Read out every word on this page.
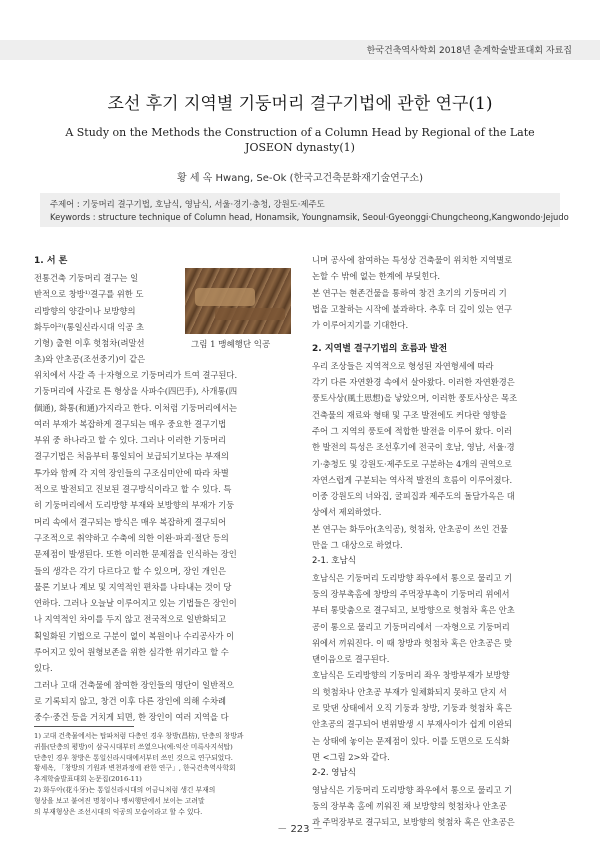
한국건축역사학회 2018년 춘계학술발표대회 자료집
조선 후기 지역별 기둥머리 결구기법에 관한 연구(1)
A Study on the Methods the Construction of a Column Head by Regional of the Late JOSEON dynasty(1)
황 세 옥 Hwang, Se-Ok (한국고건축문화재기술연구소)
주제어 : 기둥머리 결구기법, 호남식, 영남식, 서울·경기·충청, 강원도·제주도
Keywords : structure technique of Column head, Honamsik, Youngnamsik, Seoul·Gyeonggi·Chungcheong,Kangwondo·Jejudo
1. 서 론

전통건축 기둥머리 결구는 일

반적으로 창방¹⁾결구를 위한 도

리방향의 양갈이나 보방향의

화두아²⁾(통일신라시대 익공 초

기형) 출현 이후 헛첨차(려말선

초)와 안초공(조선중기)이 같은

그림 1 맹혜행단 익공

위치에서 사갈 즉 十자형으로 기둥머리가 트여 결구된다.

기둥머리에 사갈로 튼 형상을 사파수(四巴手), 사개통(四

個通), 화통(和通)가지라고 한다. 이처럼 기둥머리에서는

여러 부재가 복잡하게 결구되는 매우 중요한 결구기법

부위 중 하나라고 할 수 있다. 그러나 이러한 기둥머리

결구기법은 처음부터 통일되어 보급되기보다는 부재의

투가와 함께 각 지역 장인들의 구조심미안에 따라 차별

적으로 발전되고 진보된 결구방식이라고 할 수 있다. 특

히 기둥머리에서 도리방향 부재와 보방향의 부재가 기둥

머리 속에서 결구되는 방식은 매우 복잡하게 결구되어

구조적으로 취약하고 수축에 의한 이완·파괴·절단 등의

문제점이 발생된다. 또한 이러한 문제점을 인식하는 장인

들의 생각은 각기 다르다고 할 수 있으며, 장인 개인은

물론 기보나 계보 및 지역적인 편차를 나타내는 것이 당

연하다. 그러나 오늘날 이루어지고 있는 기법들은 장인이

나 지역적인 차이를 두지 않고 전국적으로 일반화되고

획일화된 기법으로 구분이 없이 복원이나 수리공사가 이

루어지고 있어 원형보존을 위한 심각한 위기라고 할 수

있다.

그러나 고대 건축물에 참여한 장인들의 명단이 일반적으

로 기록되지 않고, 창건 이후 다른 장인에 의해 수차례

중수·중건 등을 거치게 되면, 한 장인이 여러 지역을 다

1) 고대 건축물에서는 탑파처럼 다층인 경우 창방(昌枋), 단층의 창방과

귀틀(단층의 평방)이 삼국시대부터 쓰였으나(예:익산 미륵사지석탑)

단층인 경우 창방은 통일신라시대에서부터 쓰인 것으로 연구되었다.

황세옥, 「창방의 기원과 변천과정에 관한 연구」, 한국건축역사학회

추계학술발표대회 논문집(2016-11)

2) 화두아(花斗牙)는 통일신라시대의 어금니처럼 생긴 부재의

형상을 보고 붙여진 명칭이나 맹씨행단에서 보이는 고려말

의 부재형상은 조선시대의 익공의 모습이라고 할 수 있다.

니며 공사에 참여하는 특성상 건축물이 위치한 지역별로

논할 수 밖에 없는 한계에 부딪힌다.

본 연구는 현존건물을 통하여 창건 초기의 기둥머리 기

법을 고찰하는 시작에 불과하다. 추후 더 깊이 있는 연구

가 이루어지기를 기대한다.

2. 지역별 결구기법의 흐름과 발전

우리 조상들은 지역적으로 형성된 자연형세에 따라

각기 다른 자연환경 속에서 살아왔다. 이러한 자연환경은

풍토사상(風土思想)을 낳았으며, 이러한 풍토사상은 목조

건축물의 재료와 형태 및 구조 발전에도 커다란 영향을

주어 그 지역의 풍토에 적합한 발전을 이루어 왔다. 이러

한 발전의 특성은 조선후기에 전국이 호남, 영남, 서울·경

기·충청도 및 강원도·제주도로 구분하는 4개의 권역으로

자연스럽게 구분되는 역사적 발전의 흐름이 이루어졌다.

이중 강원도의 너와집, 굴피집과 제주도의 돌담가옥은 대

상에서 제외하였다.

본 연구는 화두아(초익공), 헛첨차, 안초공이 쓰인 건물

만을 그 대상으로 하였다.

2-1. 호남식

호남식은 기둥머리 도리방향 좌우에서 통으로 물리고 기

둥의 장부촉홈에 창방의 주먹장부촉이 기둥머리 위에서

부터 통맞춤으로 결구되고, 보방향으로 헛첨차 혹은 안초

공이 통으로 물리고 기둥머리에서 一자형으로 기둥머리

위에서 끼워진다. 이 때 창방과 헛첨차 혹은 안초공은 맞

댄이음으로 결구된다.

호남식은 도리방향의 기둥머리 좌우 창방부재가 보방향

의 헛첨차나 안초공 부재가 일체화되지 못하고 단지 서

로 맞댄 상태에서 오직 기둥과 창방, 기둥과 헛첨차 혹은

안초공의 결구되어 변위발생 시 부재사이가 쉽게 이완되

는 상태에 놓이는 문제점이 있다. 이를 도면으로 도식화

면 <그림 2>와 같다.

2-2. 영남식

영남식은 기둥머리 도리방향 좌우에서 통으로 물리고 기

둥의 장부촉 홈에 끼워진 채 보방향의 헛첨차나 안초공

과 주먹장부로 결구되고, 보방향의 헛첨차 혹은 안초공은

－ 223 －
